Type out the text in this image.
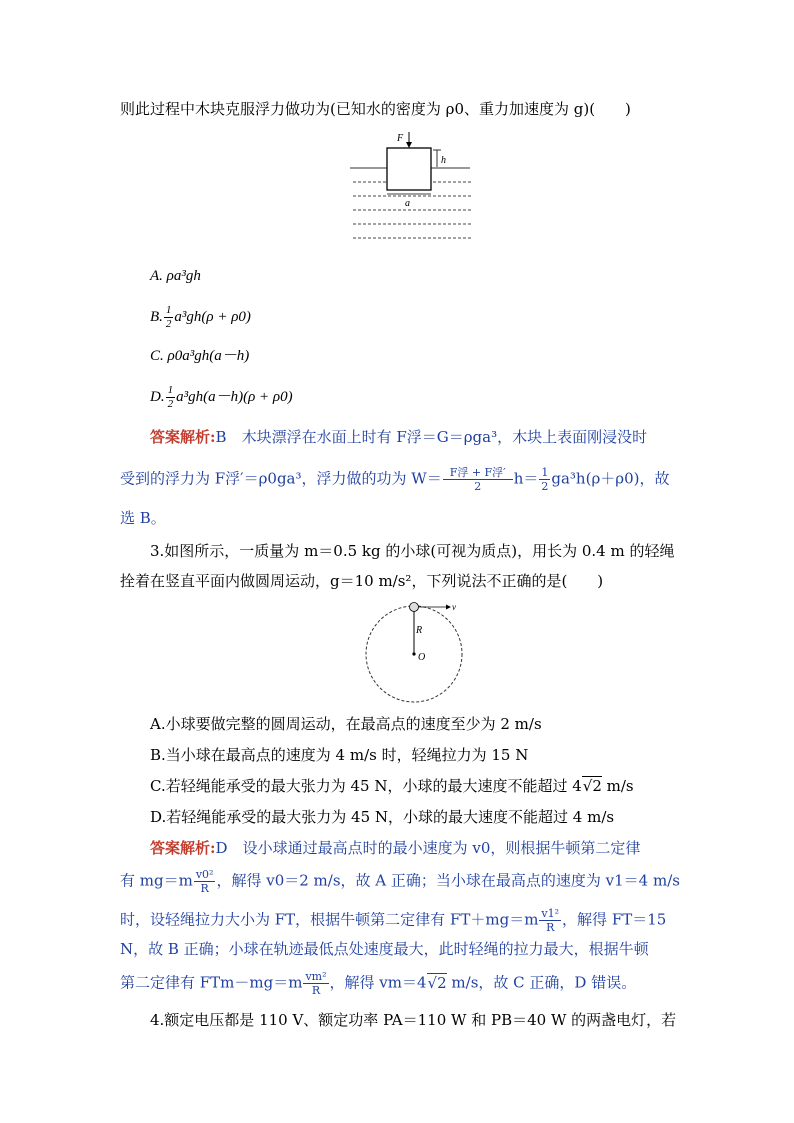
则此过程中木块克服浮力做功为(已知水的密度为 ρ0、重力加速度为 g)(　　)
F
h
a
A. ρa³gh
B. $\frac{1}{2} a^3gh(\rho + \rho 0)$
C. ρ0a³gh(a－h)
D. $\frac{1}{2} a^3gh(a-h)(\rho + \rho 0)$
答案解析:B　木块漂浮在水面上时有 F浮＝G＝ρga³，木块上表面刚浸没时
受到的浮力为 F浮′＝ρ0ga³，浮力做的功为 $W= \frac{\text{F浮 + F浮′}}{2} h= \frac{1}{2} ga^3h(\rho+\rho 0)$，故
选 B。
3.如图所示，一质量为 m＝0.5 kg 的小球(可视为质点)，用长为 0.4 m 的轻绳
拴着在竖直平面内做圆周运动，g＝10 m/s²，下列说法不正确的是(　　)
v
R
O
A.小球要做完整的圆周运动，在最高点的速度至少为 2 m/s
B.当小球在最高点的速度为 4 m/s 时，轻绳拉力为 15 N
C.若轻绳能承受的最大张力为 45 N，小球的最大速度不能超过 4√2 m/s
D.若轻绳能承受的最大张力为 45 N，小球的最大速度不能超过 4 m/s
答案解析:D　设小球通过最高点时的最小速度为 v0，则根据牛顿第二定律
有 $mg=m \frac{\text{v0²}}{R}$ ，解得 v0＝2 m/s，故 A 正确；当小球在最高点的速度为 v1＝4 m/s
时，设轻绳拉力大小为 FT，根据牛顿第二定律有 $FT+mg=m \frac{\text{v1²}}{R}$ ，解得 FT＝15
N，故 B 正确；小球在轨迹最低点处速度最大，此时轻绳的拉力最大，根据牛顿
第二定律有 $FTm-mg=m \frac{\text{vm²}}{R}$ ，解得 vm＝4√2 m/s，故 C 正确，D 错误。
4.额定电压都是 110 V、额定功率 PA＝110 W 和 PB＝40 W 的两盏电灯，若
